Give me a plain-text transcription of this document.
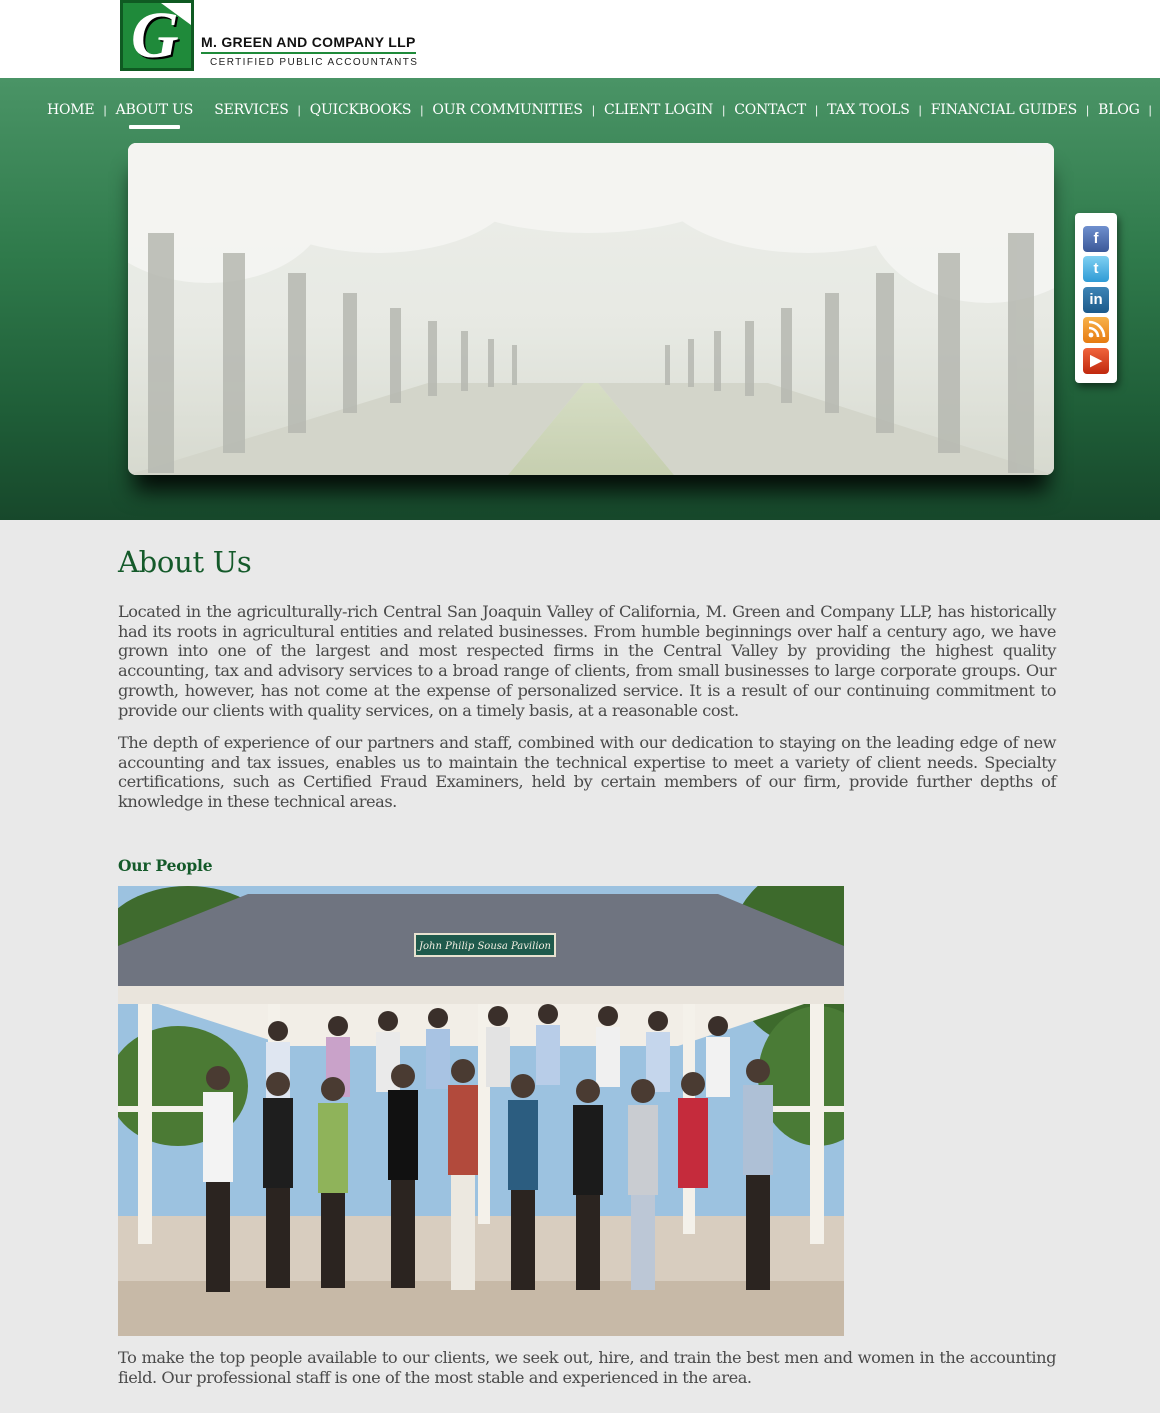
G M. GREEN AND COMPANY LLP
CERTIFIED PUBLIC ACCOUNTANTS
HOME | ABOUT US SERVICES | QUICKBOOKS | OUR COMMUNITIES | CLIENT LOGIN | CONTACT | TAX TOOLS | FINANCIAL GUIDES | BLOG |
f
t
in
▶
About Us

Located in the agriculturally-rich Central San Joaquin Valley of California, M. Green and Company LLP, has historically had its roots in agricultural entities and related businesses. From humble beginnings over half a century ago, we have grown into one of the largest and most respected firms in the Central Valley by providing the highest quality accounting, tax and advisory services to a broad range of clients, from small businesses to large corporate groups. Our growth, however, has not come at the expense of personalized service. It is a result of our continuing commitment to provide our clients with quality services, on a timely basis, at a reasonable cost.

The depth of experience of our partners and staff, combined with our dedication to staying on the leading edge of new accounting and tax issues, enables us to maintain the technical expertise to meet a variety of client needs. Specialty certifications, such as Certified Fraud Examiners, held by certain members of our firm, provide further depths of knowledge in these technical areas.

Our People
John Philip Sousa Pavilion

To make the top people available to our clients, we seek out, hire, and train the best men and women in the accounting field. Our professional staff is one of the most stable and experienced in the area.
